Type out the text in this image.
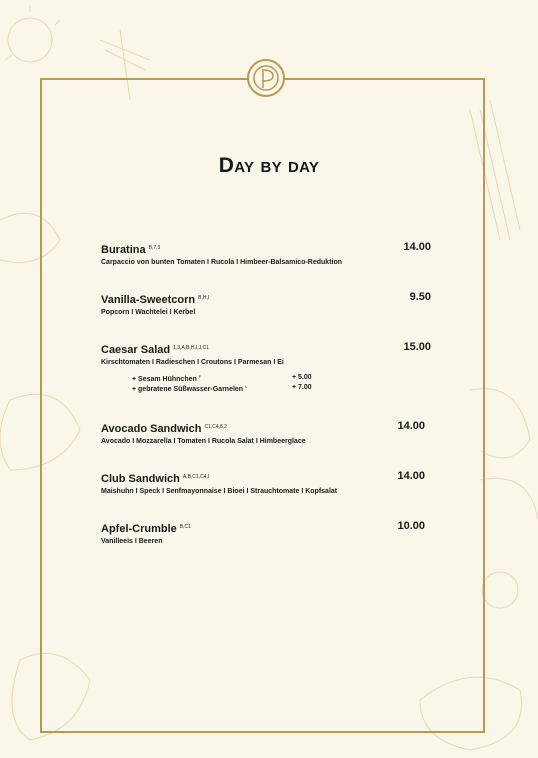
Day by day
Buratina $^{B,7,3}$
Carpaccio von bunten Tomaten I Rucola I Himbeer-Balsamico-Reduktion
14.00
Vanilla-Sweetcorn $^{B,H,I}$
Popcorn I Wachtelei I Kerbel
9.50
Caesar Salad $^{1,3,A,B,H,I,J,C1}$
Kirschtomaten I Radieschen I Croutons I Parmesan I Ei
15.00
+ Sesam Hühnchen $^F$	+ 5.00
+ gebratene Süßwasser-Garnelen $^L$	+ 7.00
Avocado Sandwich $^{C1,C4,8,2}$
Avocado I Mozzarella I Tomaten I Rucola Salat I Himbeerglace
14.00
Club Sandwich $^{A,B,C1,C4,I}$
Maishuhn I Speck I Senfmayonnaise I Bioei I Strauchtomate I Kopfsalat
14.00
Apfel-Crumble $^{B,C1}$
Vanilleeis I Beeren
10.00
